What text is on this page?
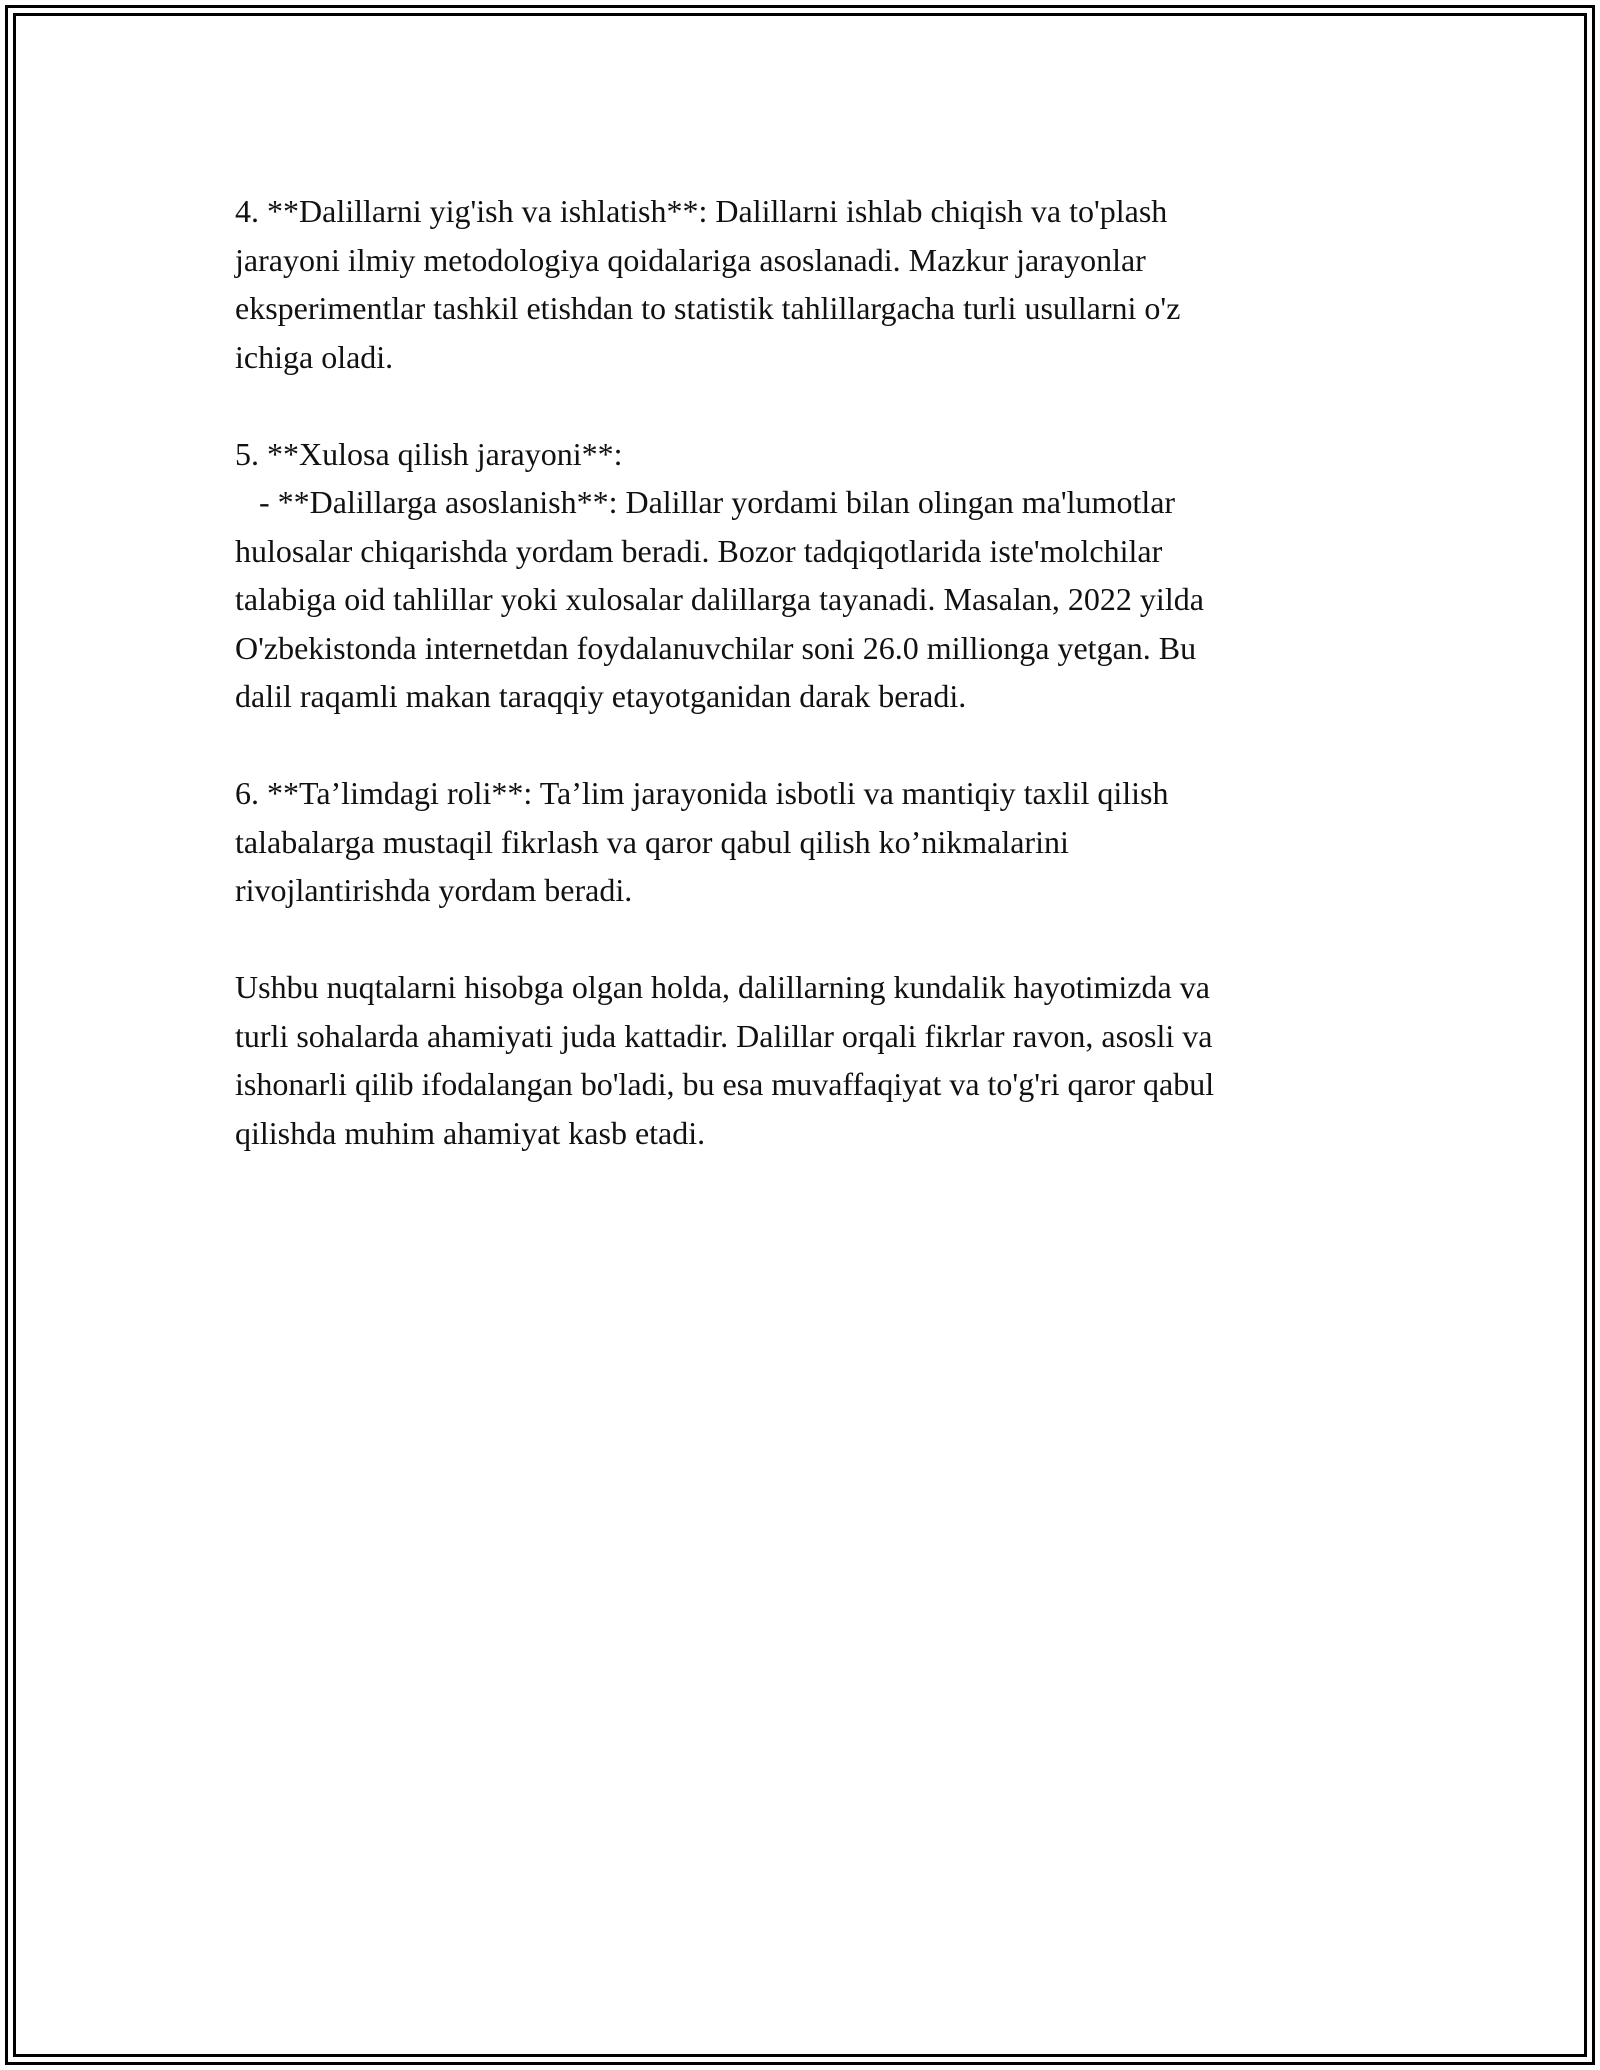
4. **Dalillarni yig'ish va ishlatish**: Dalillarni ishlab chiqish va to'plash
jarayoni ilmiy metodologiya qoidalariga asoslanadi. Mazkur jarayonlar
eksperimentlar tashkil etishdan to statistik tahlillargacha turli usullarni o'z
ichiga oladi.

5. **Xulosa qilish jarayoni**:
- **Dalillarga asoslanish**: Dalillar yordami bilan olingan ma'lumotlar
hulosalar chiqarishda yordam beradi. Bozor tadqiqotlarida iste'molchilar
talabiga oid tahlillar yoki xulosalar dalillarga tayanadi. Masalan, 2022 yilda
O'zbekistonda internetdan foydalanuvchilar soni 26.0 millionga yetgan. Bu
dalil raqamli makan taraqqiy etayotganidan darak beradi.

6. **Ta’limdagi roli**: Ta’lim jarayonida isbotli va mantiqiy taxlil qilish
talabalarga mustaqil fikrlash va qaror qabul qilish ko’nikmalarini
rivojlantirishda yordam beradi.

Ushbu nuqtalarni hisobga olgan holda, dalillarning kundalik hayotimizda va
turli sohalarda ahamiyati juda kattadir. Dalillar orqali fikrlar ravon, asosli va
ishonarli qilib ifodalangan bo'ladi, bu esa muvaffaqiyat va to'g'ri qaror qabul
qilishda muhim ahamiyat kasb etadi.
